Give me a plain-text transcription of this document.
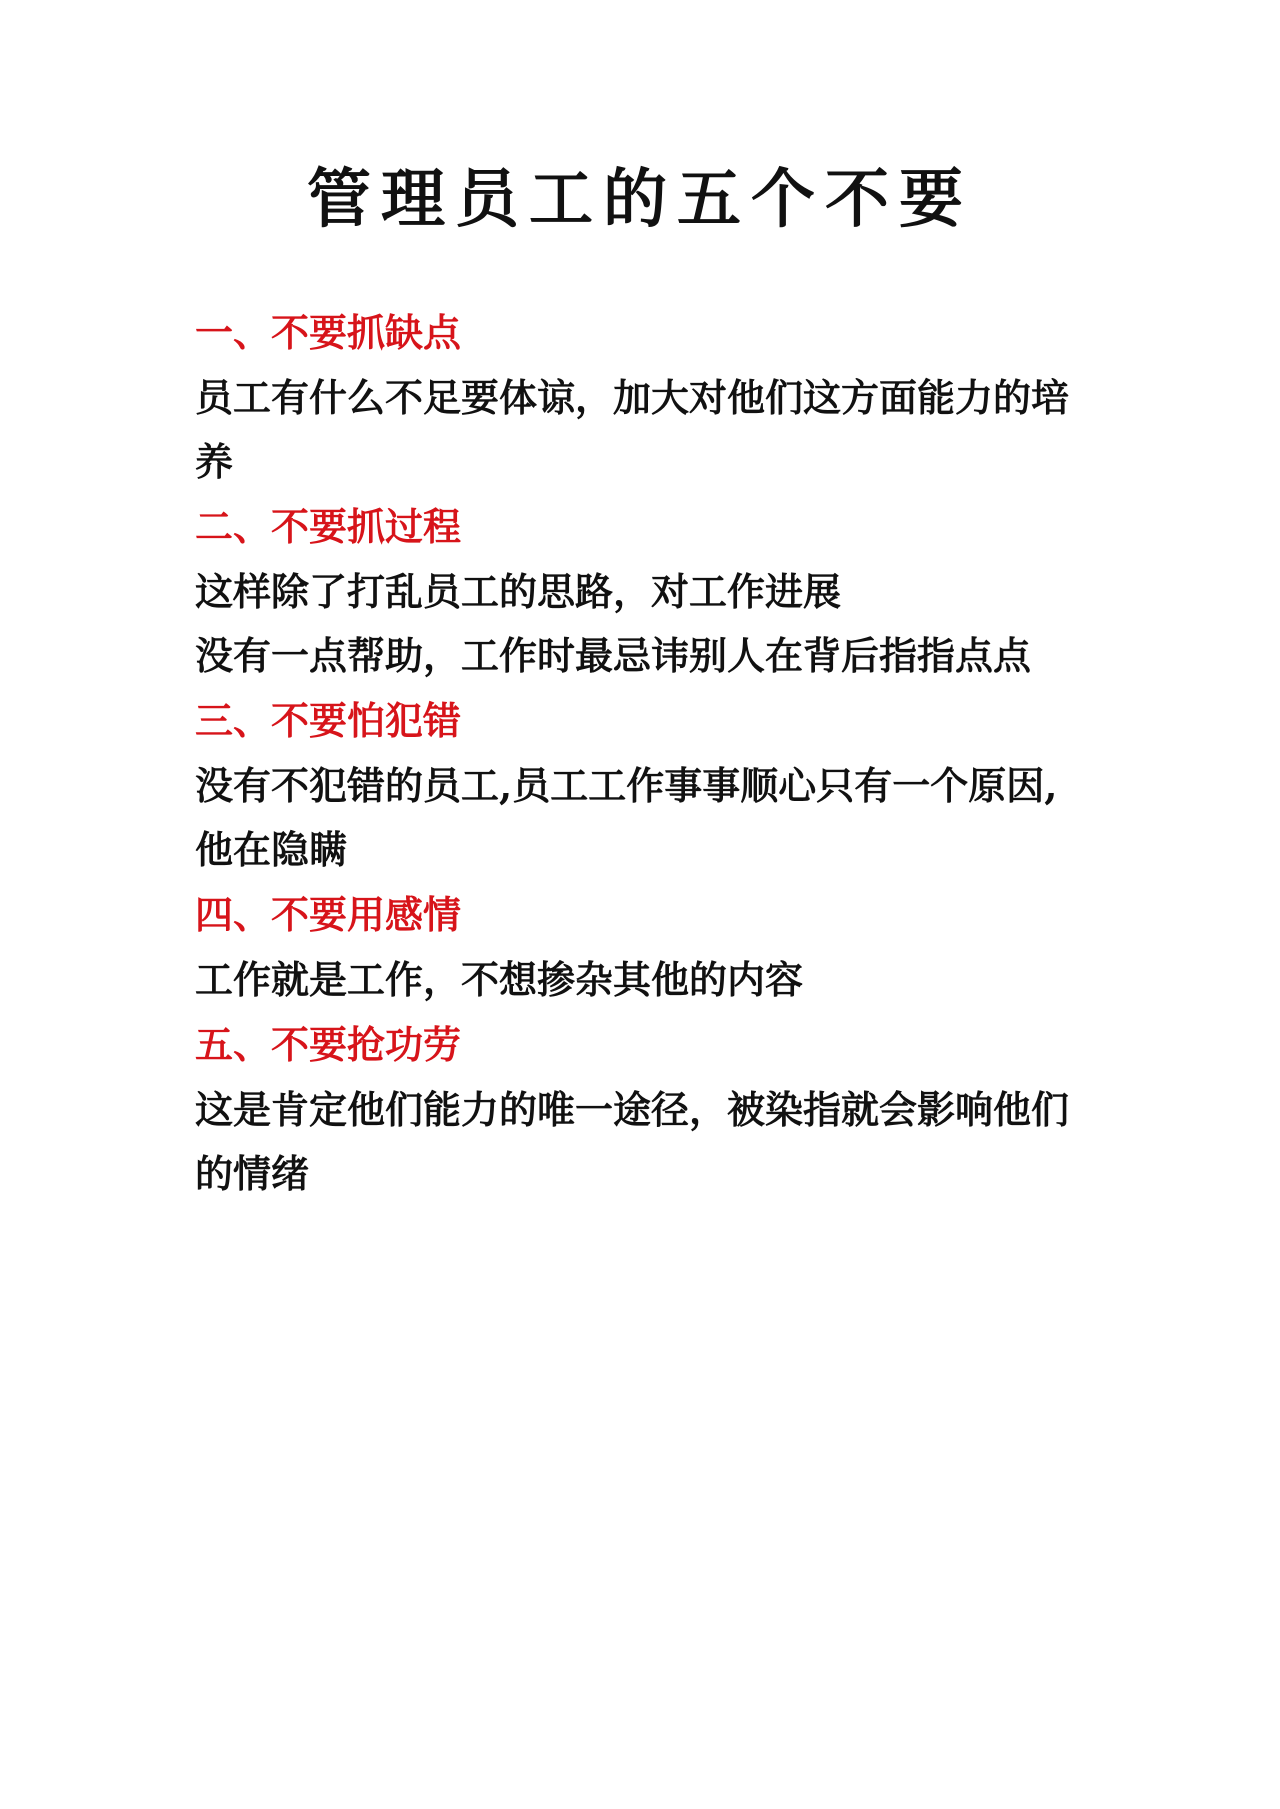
管理员工的五个不要
一、不要抓缺点
员工有什么不足要体谅，加大对他们这方面能力的培
养
二、不要抓过程
这样除了打乱员工的思路，对工作进展
没有一点帮助，工作时最忌讳别人在背后指指点点
三、不要怕犯错
没有不犯错的员工,员工工作事事顺心只有一个原因,
他在隐瞒
四、不要用感情
工作就是工作，不想掺杂其他的内容
五、不要抢功劳
这是肯定他们能力的唯一途径，被染指就会影响他们
的情绪
